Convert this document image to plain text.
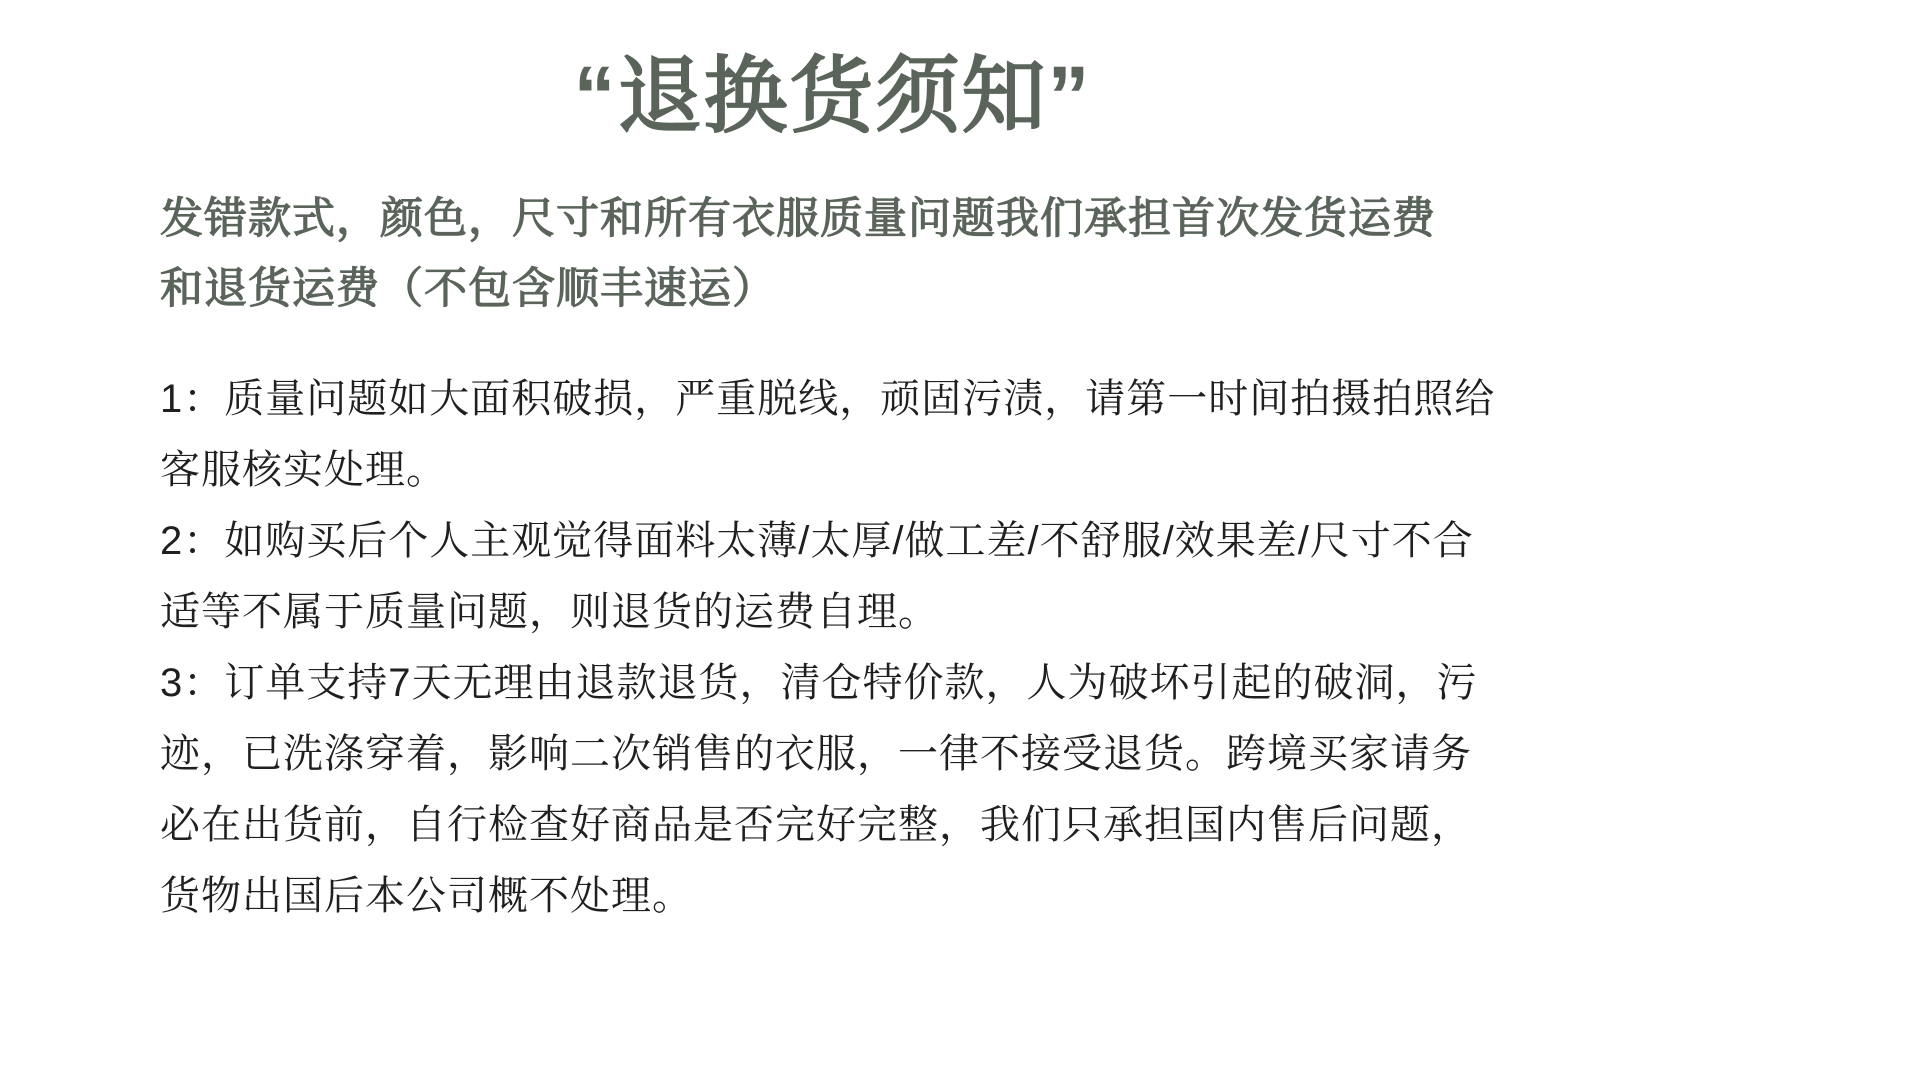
“退换货须知”

发错款式，颜色，尺寸和所有衣服质量问题我们承担首次发货运费和退货运费（不包含顺丰速运）

1：质量问题如大面积破损，严重脱线，顽固污渍，请第一时间拍摄拍照给客服核实处理。

2：如购买后个人主观觉得面料太薄/太厚/做工差/不舒服/效果差/尺寸不合适等不属于质量问题，则退货的运费自理。

3：订单支持7天无理由退款退货，清仓特价款，人为破坏引起的破洞，污迹，已洗涤穿着，影响二次销售的衣服，一律不接受退货。跨境买家请务必在出货前，自行检查好商品是否完好完整，我们只承担国内售后问题，货物出国后本公司概不处理。
